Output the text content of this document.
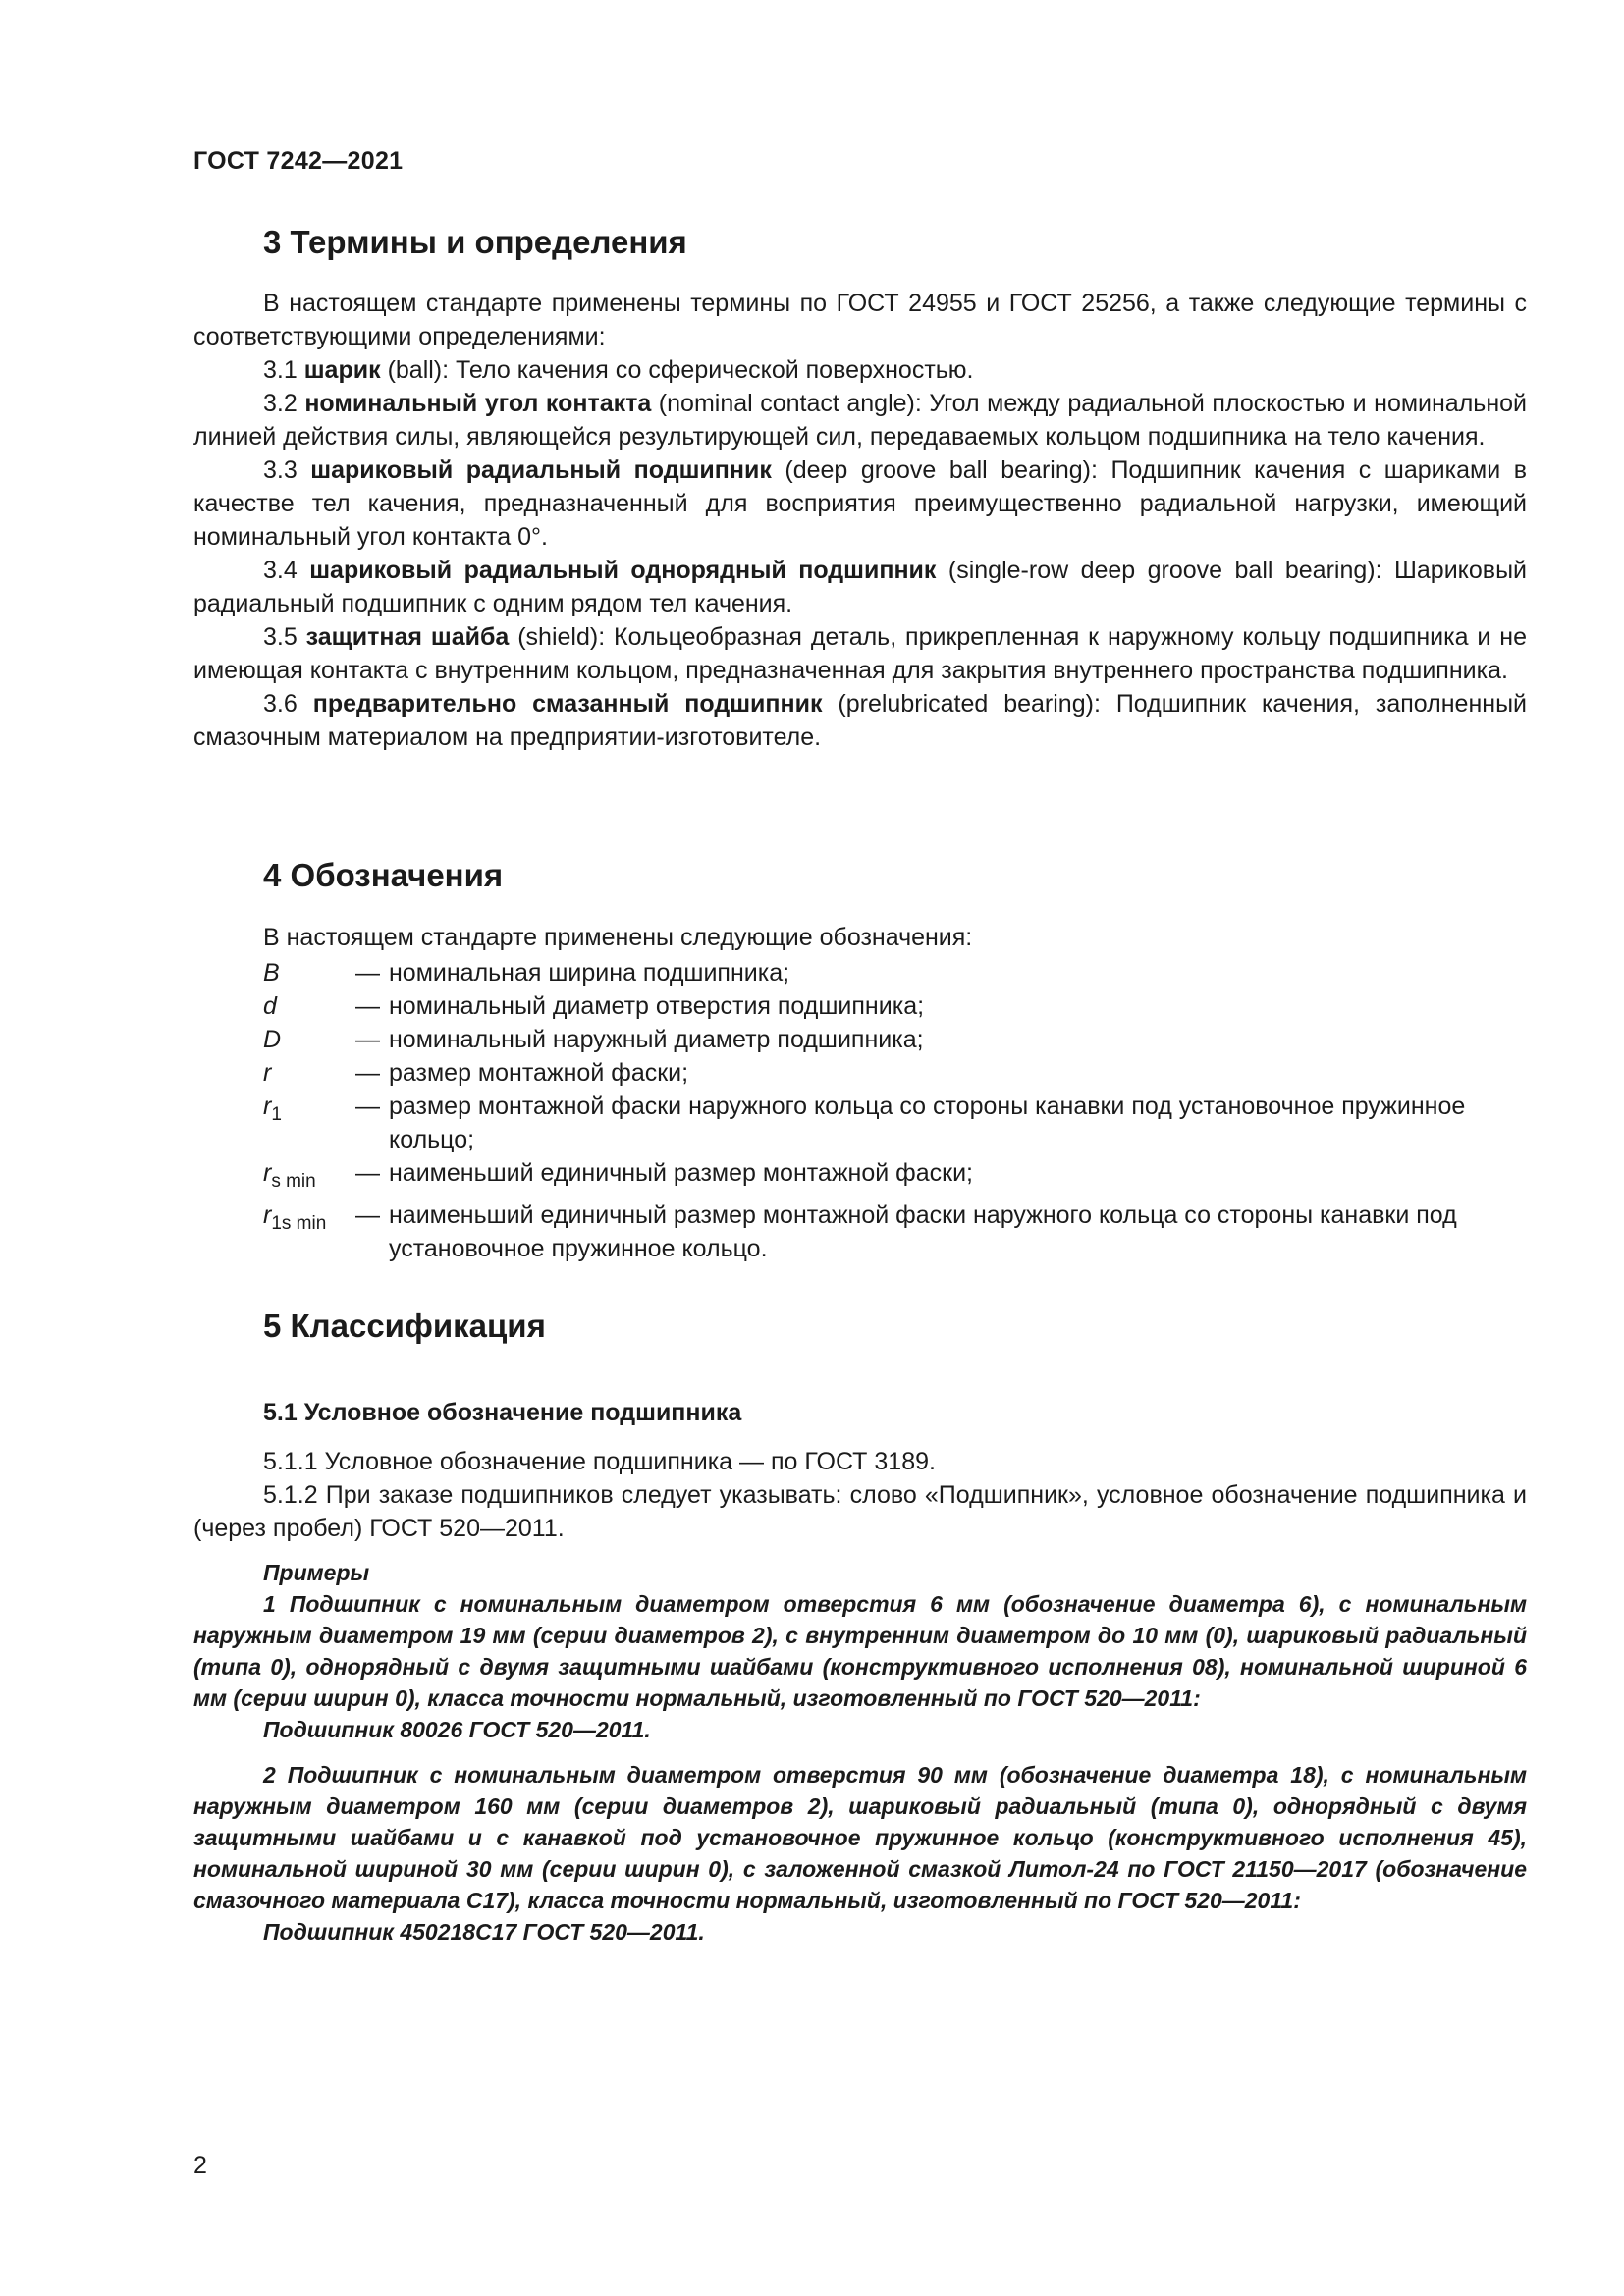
ГОСТ 7242—2021
3 Термины и определения

В настоящем стандарте применены термины по ГОСТ 24955 и ГОСТ 25256, а также следующие термины с соответствующими определениями:

3.1 шарик (ball): Тело качения со сферической поверхностью.

3.2 номинальный угол контакта (nominal contact angle): Угол между радиальной плоскостью и номинальной линией действия силы, являющейся результирующей сил, передаваемых кольцом подшипника на тело качения.

3.3 шариковый радиальный подшипник (deep groove ball bearing): Подшипник качения с шариками в качестве тел качения, предназначенный для восприятия преимущественно радиальной нагрузки, имеющий номинальный угол контакта 0°.

3.4 шариковый радиальный однорядный подшипник (single-row deep groove ball bearing): Шариковый радиальный подшипник с одним рядом тел качения.

3.5 защитная шайба (shield): Кольцеобразная деталь, прикрепленная к наружному кольцу подшипника и не имеющая контакта с внутренним кольцом, предназначенная для закрытия внутреннего пространства подшипника.

3.6 предварительно смазанный подшипник (prelubricated bearing): Подшипник качения, заполненный смазочным материалом на предприятии-изготовителе.

4 Обозначения

В настоящем стандарте применены следующие обозначения:

B	— номинальная ширина подшипника;
d	— номинальный диаметр отверстия подшипника;
D	— номинальный наружный диаметр подшипника;
r	— размер монтажной фаски;
$r_1$	— размер монтажной фаски наружного кольца со стороны канавки под установочное пружинное кольцо;
$r_{s min}$	— наименьший единичный размер монтажной фаски;
$r_{1s min}$	— наименьший единичный размер монтажной фаски наружного кольца со стороны канавки под установочное пружинное кольцо.
5 Классификация
5.1 Условное обозначение подшипника

5.1.1 Условное обозначение подшипника — по ГОСТ 3189.

5.1.2 При заказе подшипников следует указывать: слово «Подшипник», условное обозначение подшипника и (через пробел) ГОСТ 520—2011.

Примеры

1 Подшипник с номинальным диаметром отверстия 6 мм (обозначение диаметра 6), с номинальным наружным диаметром 19 мм (серии диаметров 2), с внутренним диаметром до 10 мм (0), шариковый радиальный (типа 0), однорядный с двумя защитными шайбами (конструктивного исполнения 08), номинальной шириной 6 мм (серии ширин 0), класса точности нормальный, изготовленный по ГОСТ 520—2011:

Подшипник 80026 ГОСТ 520—2011.

2 Подшипник с номинальным диаметром отверстия 90 мм (обозначение диаметра 18), с номинальным наружным диаметром 160 мм (серии диаметров 2), шариковый радиальный (типа 0), однорядный с двумя защитными шайбами и с канавкой под установочное пружинное кольцо (конструктивного исполнения 45), номинальной шириной 30 мм (серии ширин 0), с заложенной смазкой Литол-24 по ГОСТ 21150—2017 (обозначение смазочного материала С17), класса точности нормальный, изготовленный по ГОСТ 520—2011:

Подшипник 450218С17 ГОСТ 520—2011.

2
